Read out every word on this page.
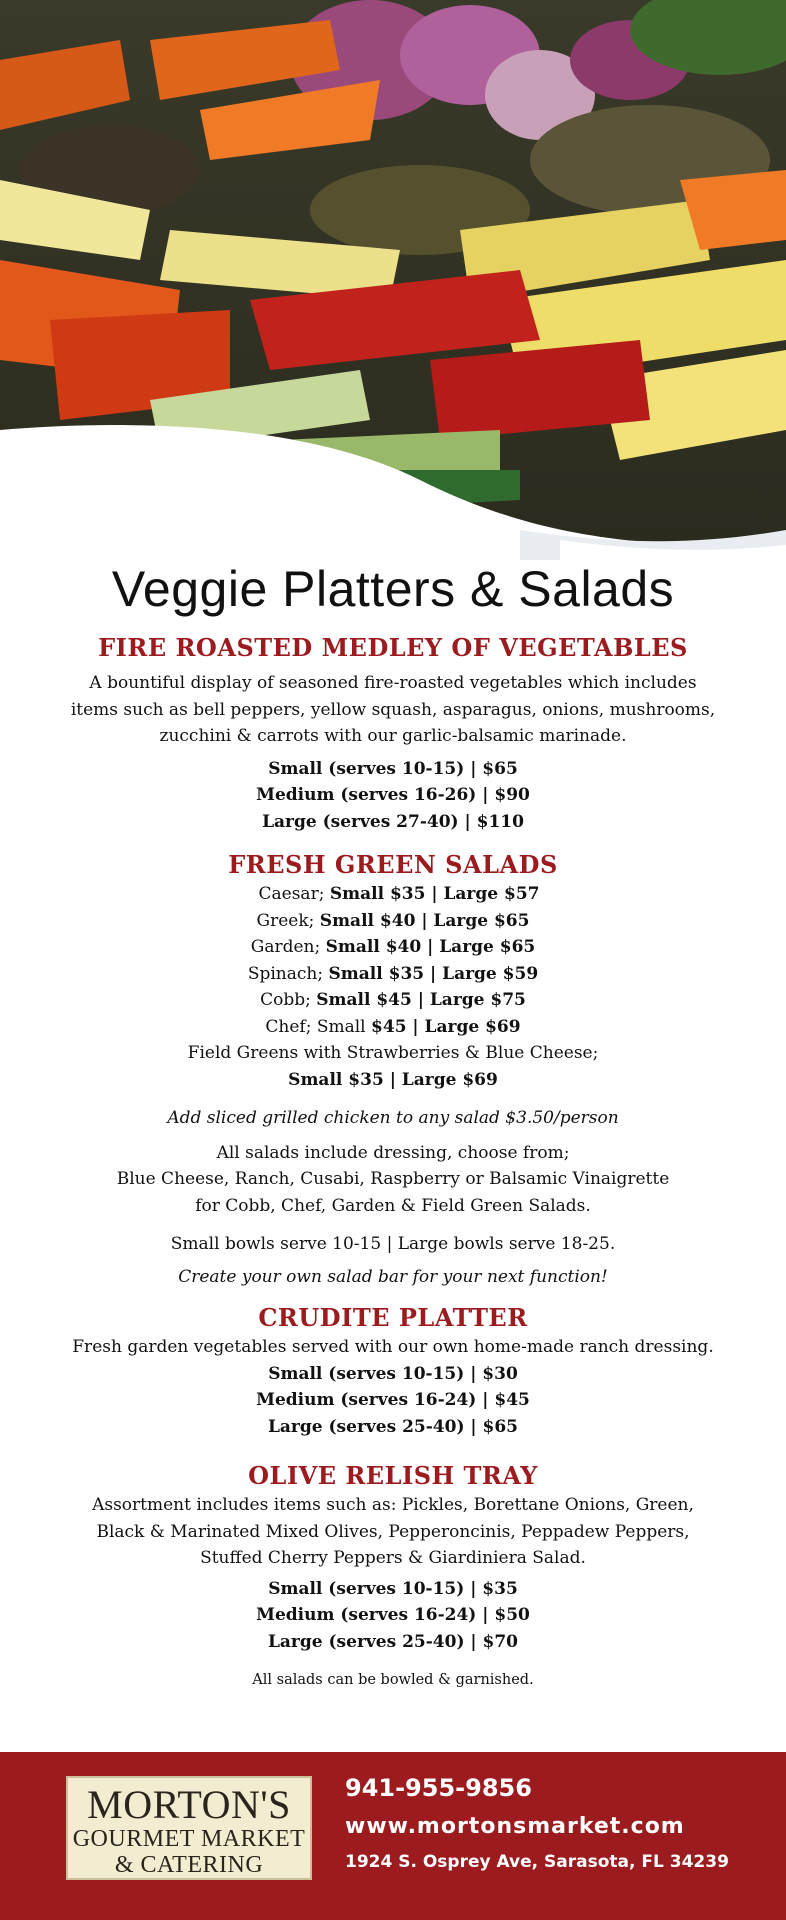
Veggie Platters & Salads
FIRE ROASTED MEDLEY OF VEGETABLES

A bountiful display of seasoned fire-roasted vegetables which includes

items such as bell peppers, yellow squash, asparagus, onions, mushrooms,

zucchini & carrots with our garlic-balsamic marinade.

Small (serves 10-15) | $65

Medium (serves 16-26) | $90

Large (serves 27-40) | $110

FRESH GREEN SALADS

Caesar; Small $35 | Large $57

Greek; Small $40 | Large $65

Garden; Small $40 | Large $65

Spinach; Small $35 | Large $59

Cobb; Small $45 | Large $75

Chef; Small $45 | Large $69

Field Greens with Strawberries & Blue Cheese;

Small $35 | Large $69

Add sliced grilled chicken to any salad $3.50/person

All salads include dressing, choose from;

Blue Cheese, Ranch, Cusabi, Raspberry or Balsamic Vinaigrette

for Cobb, Chef, Garden & Field Green Salads.

Small bowls serve 10-15 | Large bowls serve 18-25.

Create your own salad bar for your next function!

CRUDITE PLATTER

Fresh garden vegetables served with our own home-made ranch dressing.

Small (serves 10-15) | $30

Medium (serves 16-24) | $45

Large (serves 25-40) | $65

OLIVE RELISH TRAY

Assortment includes items such as: Pickles, Borettane Onions, Green,

Black & Marinated Mixed Olives, Pepperoncinis, Peppadew Peppers,

Stuffed Cherry Peppers & Giardiniera Salad.

Small (serves 10-15) | $35

Medium (serves 16-24) | $50

Large (serves 25-40) | $70

All salads can be bowled & garnished.

MORTON'S
GOURMET MARKET
& CATERING
941-955-9856
www.mortonsmarket.com
1924 S. Osprey Ave, Sarasota, FL 34239
